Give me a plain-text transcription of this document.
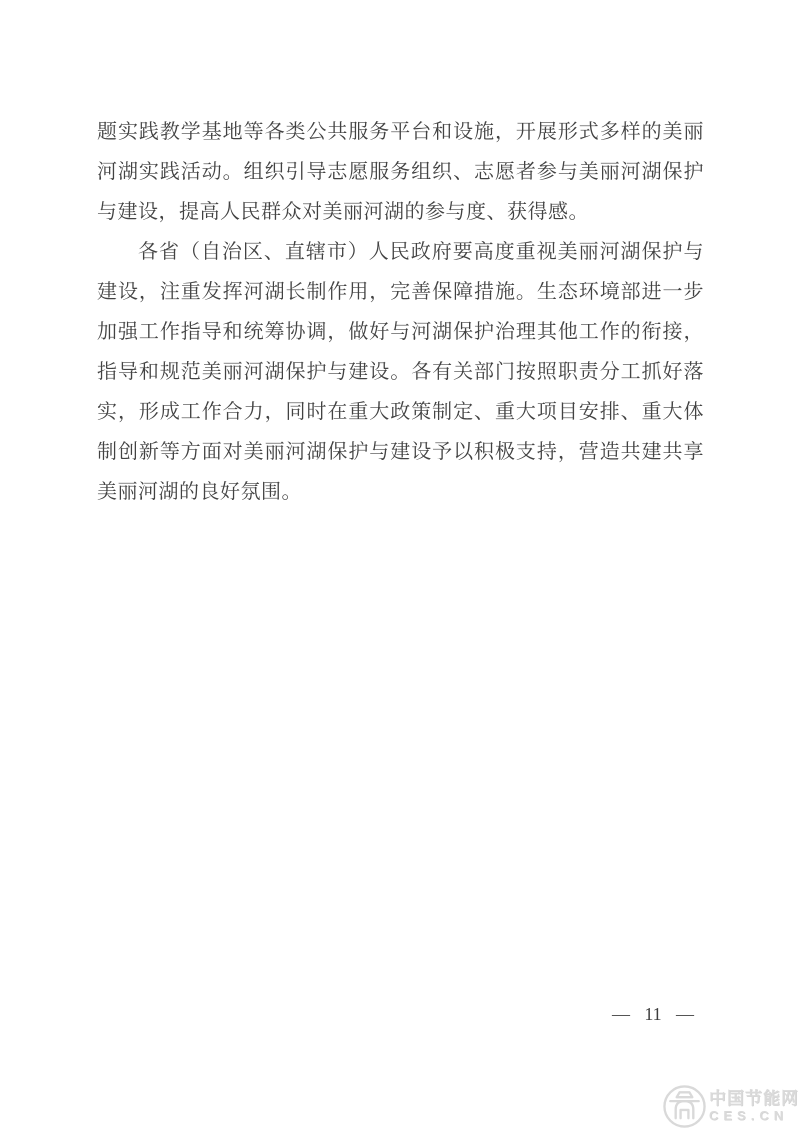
题实践教学基地等各类公共服务平台和设施，开展形式多样的美丽

河湖实践活动。组织引导志愿服务组织、志愿者参与美丽河湖保护

与建设，提高人民群众对美丽河湖的参与度、获得感。

各省（自治区、直辖市）人民政府要高度重视美丽河湖保护与

建设，注重发挥河湖长制作用，完善保障措施。生态环境部进一步

加强工作指导和统筹协调，做好与河湖保护治理其他工作的衔接，

指导和规范美丽河湖保护与建设。各有关部门按照职责分工抓好落

实，形成工作合力，同时在重大政策制定、重大项目安排、重大体

制创新等方面对美丽河湖保护与建设予以积极支持，营造共建共享

美丽河湖的良好氛围。

— 11 —
中国节能网
CES.CN
